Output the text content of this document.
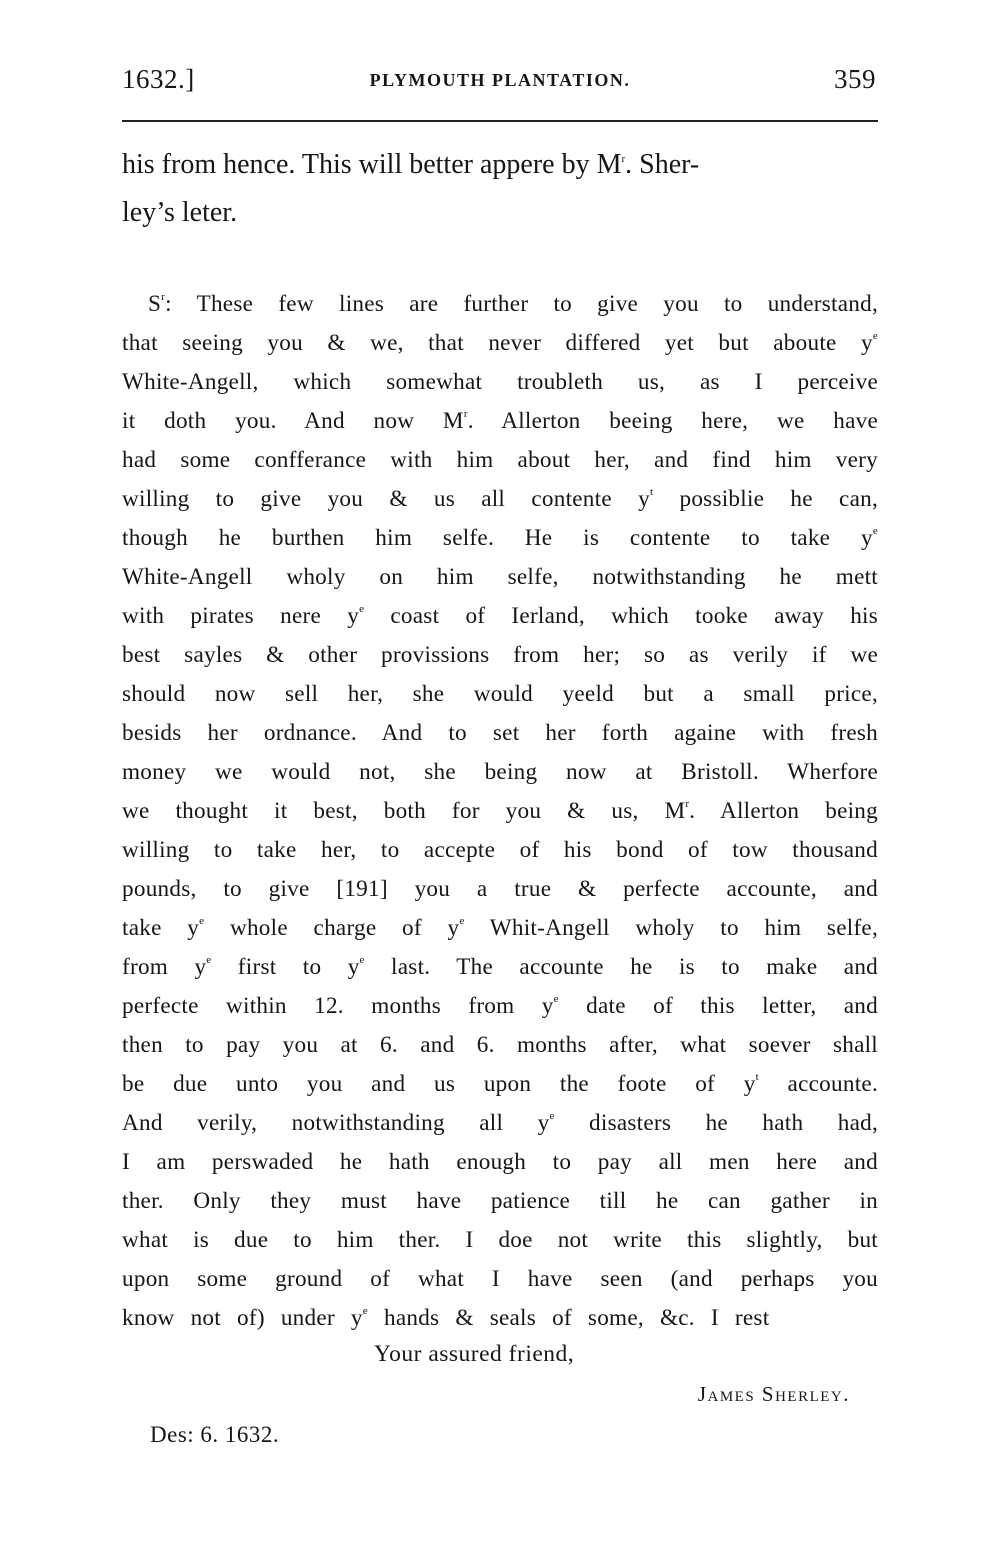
1632.]	PLYMOUTH PLANTATION.	359
his from hence. This will better appere by $M^r$. Sher-
ley’s leter.
$S^r$: These few lines are further to give you to understand,
that seeing you & we, that never differed yet but aboute $y^e$
White-Angell, which somewhat troubleth us, as I perceive
it doth you. And now $M^r$. Allerton beeing here, we have
had some confferance with him about her, and find him very
willing to give you & us all contente $y^t$ possiblie he can,
though he burthen him selfe. He is contente to take $y^e$
White-Angell wholy on him selfe, notwithstanding he mett
with pirates nere $y^e$ coast of Ierland, which tooke away his
best sayles & other provissions from her; so as verily if we
should now sell her, she would yeeld but a small price,
besids her ordnance. And to set her forth againe with fresh
money we would not, she being now at Bristoll. Wherfore
we thought it best, both for you & us, $M^r$. Allerton being
willing to take her, to accepte of his bond of tow thousand
pounds, to give [191] you a true & perfecte accounte, and
take $y^e$ whole charge of $y^e$ Whit-Angell wholy to him selfe,
from $y^e$ first to $y^e$ last. The accounte he is to make and
perfecte within 12. months from $y^e$ date of this letter, and
then to pay you at 6. and 6. months after, what soever shall
be due unto you and us upon the foote of $y^t$ accounte.
And verily, notwithstanding all $y^e$ disasters he hath had,
I am perswaded he hath enough to pay all men here and
ther. Only they must have patience till he can gather in
what is due to him ther. I doe not write this slightly, but
upon some ground of what I have seen (and perhaps you
know not of) under $y^e$ hands & seals of some, &c. I rest
Your assured friend,
James Sherley.
Des: 6. 1632.
